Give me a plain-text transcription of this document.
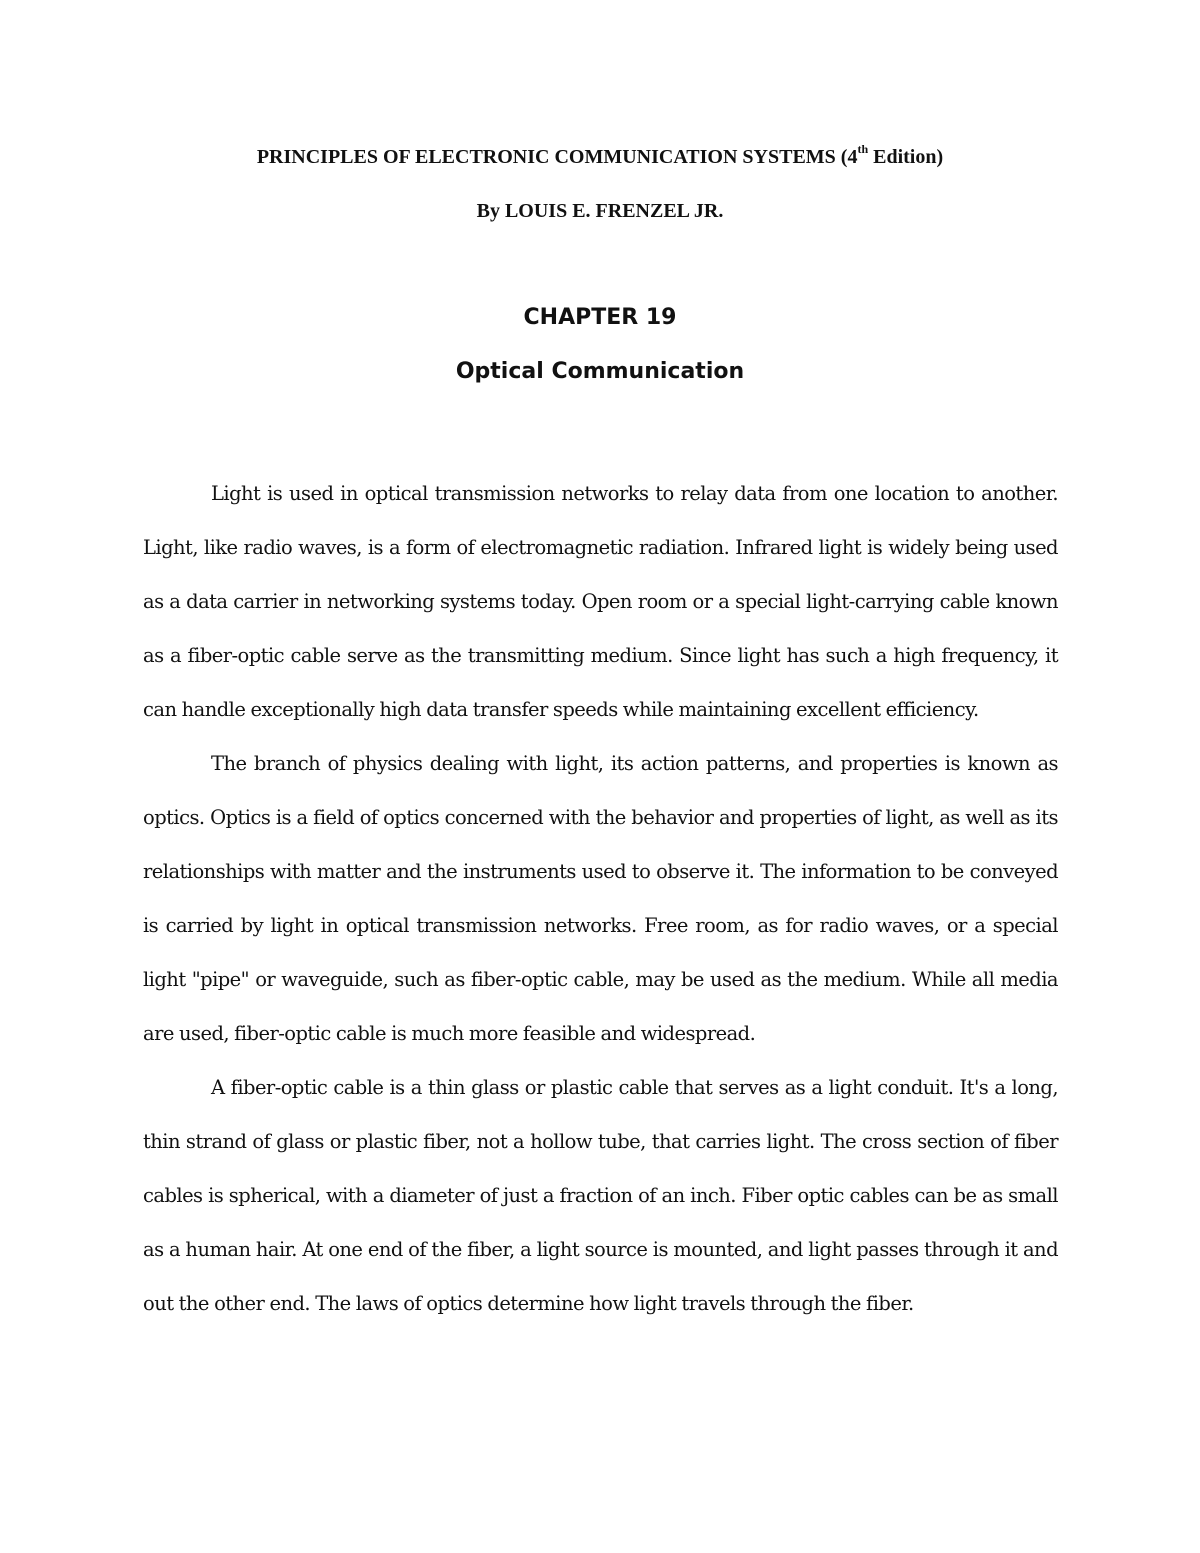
PRINCIPLES OF ELECTRONIC COMMUNICATION SYSTEMS (4th Edition)
By LOUIS E. FRENZEL JR.
CHAPTER 19
Optical Communication

Light is used in optical transmission networks to relay data from one location to another. Light, like radio waves, is a form of electromagnetic radiation. Infrared light is widely being used as a data carrier in networking systems today. Open room or a special light-carrying cable known as a fiber-optic cable serve as the transmitting medium. Since light has such a high frequency, it can handle exceptionally high data transfer speeds while maintaining excellent efficiency.

The branch of physics dealing with light, its action patterns, and properties is known as optics. Optics is a field of optics concerned with the behavior and properties of light, as well as its relationships with matter and the instruments used to observe it. The information to be conveyed is carried by light in optical transmission networks. Free room, as for radio waves, or a special light "pipe" or waveguide, such as fiber-optic cable, may be used as the medium. While all media are used, fiber-optic cable is much more feasible and widespread.

A fiber-optic cable is a thin glass or plastic cable that serves as a light conduit. It's a long, thin strand of glass or plastic fiber, not a hollow tube, that carries light. The cross section of fiber cables is spherical, with a diameter of just a fraction of an inch. Fiber optic cables can be as small as a human hair. At one end of the fiber, a light source is mounted, and light passes through it and out the other end. The laws of optics determine how light travels through the fiber.
